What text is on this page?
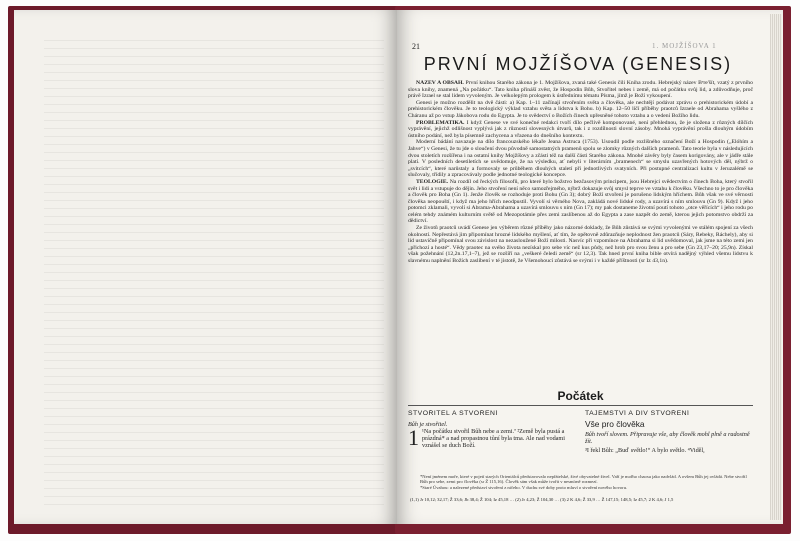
21	1. MOJŽÍŠOVA 1
PRVNÍ MOJŽÍŠOVA (GENESIS)

NÁZEV A OBSAH. První knihou Starého zákona je 1. Mojžíšova, zvaná také Genesis čili Kniha zrodu. Hebrejský název Bᵉre'šít, vzatý z prvního slova knihy, znamená „Na počátku“. Tato kniha přináší zvěst, že Hospodin Bůh, Stvořitel nebes i země, má od počátku svůj lid, a zdůvodňuje, proč právě Izrael se stal lidem vyvoleným. Je velkolepým prologem k ústřednímu tématu Písma, jímž je Boží vykoupení.

Genesi je možno rozdělit na dvě části: a) Kap. 1–11 začínají stvořením světa a člověka, ale nechtějí podávat zprávu o prehistorickém údobí a prehistorickém člověku. Je to teologický výklad vztahu světa a lidstva k Bohu. b) Kap. 12–50 líčí příběhy praotců Izraele od Abrahama vyšlého z Cháranu až po vstup Jákobova rodu do Egypta. Je to svědectví o Božích činech upřesněné tohoto vztahu a o vedení Božího lidu.

PROBLEMATIKA. I když Genese ve své konečné redakci tvoří dílo pečlivě komponované, není přehlednou, že je složena z různých dílčích vyprávění, jejichž odlišnost vyplývá jak z různosti slovesných útvarů, tak i z rozdílnosti slovní zásoby. Mnohá vyprávění prošla dlouhým údobím ústního podání, než byla písemně zachycena a vřazena do dnešního kontextu.

Moderní bádání navazuje na dílo francouzského lékaře Jeana Astruca (1753). Usoudil podle rozlišného označení Boží a Hospodin („Elóhím a Jahve“) v Genesi, že tu jde o sloučení dvou původně samostatných pramenů spolu se zlomky různých dalších pramenů. Tato teorie byla v následujících dvou stoletích rozšířena i na ostatní knihy Mojžíšovy a zčásti též na další části Starého zákona. Mnohé závěry byly časem korigovány, ale v jádře stále platí. V posledních desetiletích se uvědomuje, že na výsledku, ať nebyli v literárním „bramenech“ se smyslu uzavřených hotových děl, nýbrž o „svitcích“, které narůstaly a formovaly se průběhem dlouhých staletí při jednotlivých svatyních. Při postupné centralizaci kultu v Jeruzalémě se slučovaly, třídily a zpracovávaly podle jednotné teologické koncepce.

TEOLOGIE. Na rozdíl od řeckých filosofů, pro které bylo božstvo bezčasovým principem, jsou Hebrejci svědectvím o činech Boha, který stvořil svět i lidi a vstupuje do dějin. Jeho stvoření není něco samozřejmého, nýbrž dokazuje svůj smysl teprve ve vztahu k člověku. Všechno to je pro člověka a člověk pro Boha (Gn 1). Jenže člověk se rozhoduje proti Bohu (Gn 3); dobrý Boží stvoření je porušeno lidským hříchem. Bůh však ve své věrnosti člověka neopouští, i když ma jeho hřích neodpustil. Vyvolí si věrného Nova, zakládá nové lidské rody, a uzavírá s ním smlouvu (Gn 9). Když i jeho potomci zklamali, vyvolí si Abrama-Abrahama a uzavírá smlouvu s ním (Gn 17); my pak dostaneme životní poutí tohoto „otce věřících“ i jeho rodu po celém tehdy známém kulturním světě od Mezopotámie přes zemi zaslíbenou až do Egypta a zase nazpět do země, kterou jejich potomstvo obdrží za dědictví.

Ze životů praotců uvádí Genese jen výběrem různé příběhy jako názorné doklady, že Bůh zůstává se svými vyvolenými ve stálém spojení za všech okolností. Nepřestává jim připomínat hrozné lidského myšlení, ať tím, že opětovně zdůrazňuje neplodnost žen praotců (Sáry, Rebeky, Ráchely), aby si lid ustavičně připomínal svou závislost na nezasloužené Boží milosti. Nasvíc při vzpomínce na Abrahama si lid uvědomoval, jak jsme na této zemi jen „přichozí a hosté“. Vědy praotec na svého života nezískal pro sebe víc než kus půdy, než hrob pro svou ženu a pro sebe (Gn 23,17–20; 25,9n). Získal však požehnání (12,2n.17,1–7), jež se rozšíří na „veškeré čeledi země“ (sr 12,3). Tak hned první kniha bible otvírá nadějný výhled všemu lidstvu k slavnému naplnění Božích zaslíbení v té jistotě, že Všemohoucí zůstává se svými i v každé příštnosti (sr Iz 43,1n).

Počátek
STVOŘITEL A STVOŘENÍ
Bůh je stvořitel.
1 ¹Na počátku stvořil Bůh nebe a zemi.ª ²Země byla pustá a prázdná* a nad propastnou tůní byla tma. Ale nad vodami vznášel se duch Boží.
TAJEMSTVÍ A DIV STVOŘENÍ
Vše pro člověka
Bůh tvoří slovem. Připravuje vše, aby člověk mohl plně a radostně žít.
³I řekl Bůh: „Buď světlo!“ A bylo světlo. ⁴Viděl,
*Není jménem moře, které v pojetí starých Orientálců představovalo nepřátelské, živé obyvatelné živel. Vaří je mořho chaosu jako nadvlád. A ovšem Bůh jej ovládá. Nebe stvořil Bůh pro sebe, zemi pro člověka (sr Ž 115,16). Člověk sám však může tvořit v nesmírně rozmezí.
*Staré Úvahou: a nalezené představí stvoření z ničeho. V duchu své doby proto mluví o stvoření nového hovoru.
(1,1) Jr 10,12; 32,17; Ž 33,6; Jb 38,4; Ž 104; Iz 45,18 … (2) Jr 4,23; Ž 104,30 … (3) 2 K 4,6; Ž 33,9 … Ž 147,15; 148,5; Iz 45,7; 2 K 4,6; J 1,5
